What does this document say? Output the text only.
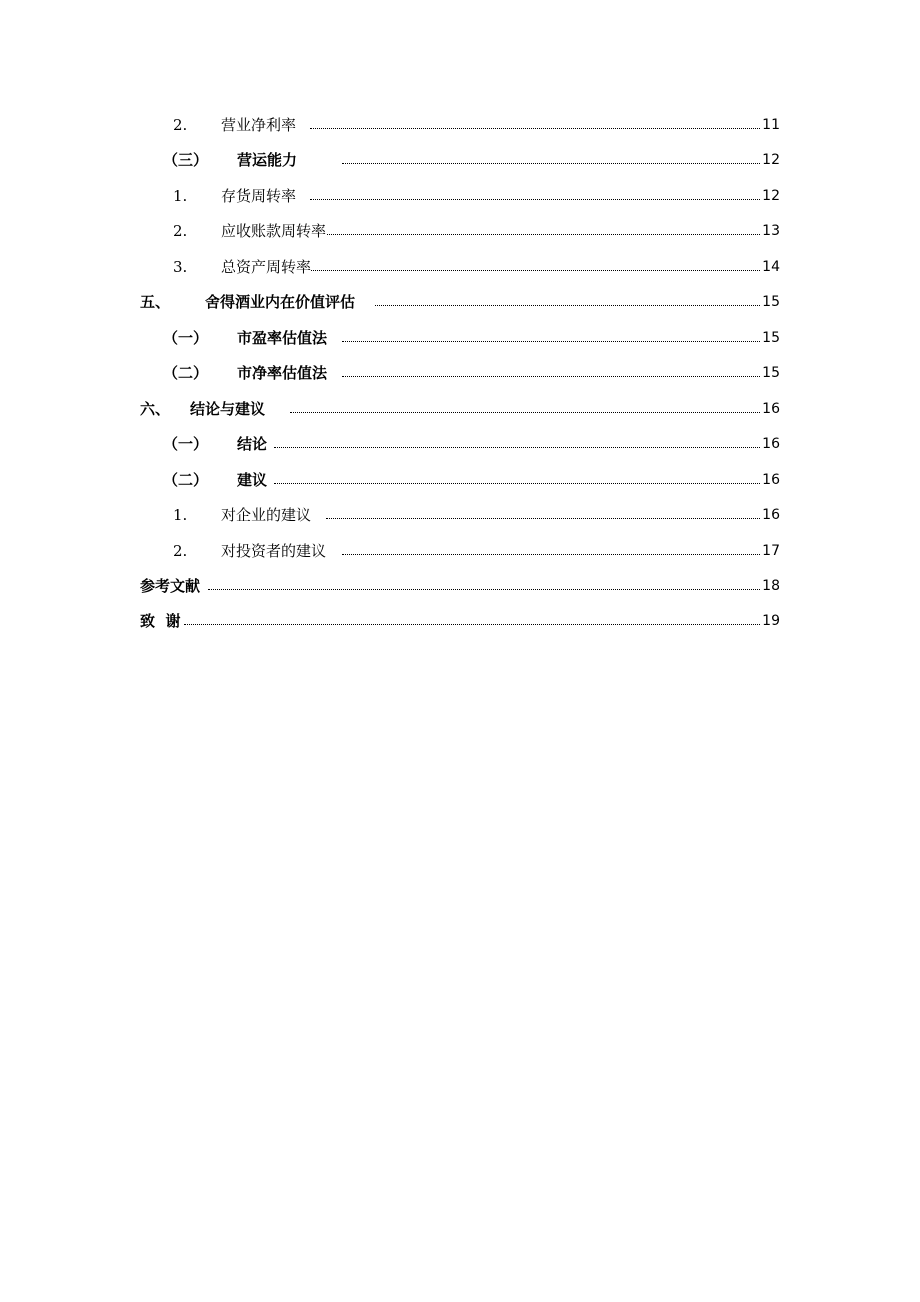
2. 营业净利率	11
（三） 营运能力	12
1. 存货周转率	12
2. 应收账款周转率	13
3. 总资产周转率	14
五、 舍得酒业内在价值评估	15
（一） 市盈率估值法	15
（二） 市净率估值法	15
六、 结论与建议	16
（一） 结论	16
（二） 建议	16
1. 对企业的建议	16
2. 对投资者的建议	17
参考文献	18
致  谢	19
